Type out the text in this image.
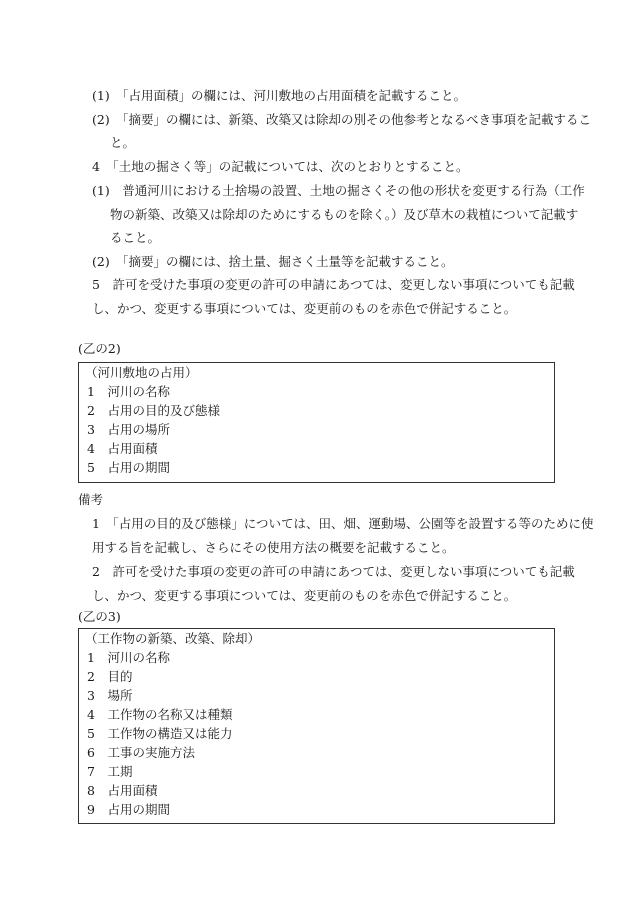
(1)　「占用面積」の欄には、河川敷地の占用面積を記載すること。
(2)　「摘要」の欄には、新築、改築又は除却の別その他参考となるべき事項を記載するこ
と。
4　「土地の掘さく等」の記載については、次のとおりとすること。
(1)　普通河川における土捨場の設置、土地の掘さくその他の形状を変更する行為（工作
物の新築、改築又は除却のためにするものを除く。）及び草木の栽植について記載す
ること。
(2)　「摘要」の欄には、捨土量、掘さく土量等を記載すること。
5　許可を受けた事項の変更の許可の申請にあつては、変更しない事項についても記載
し、かつ、変更する事項については、変更前のものを赤色で併記すること。
(乙の2)
（河川敷地の占用）
1　河川の名称
2　占用の目的及び態様
3　占用の場所
4　占用面積
5　占用の期間
備考
1　「占用の目的及び態様」については、田、畑、運動場、公園等を設置する等のために使
用する旨を記載し、さらにその使用方法の概要を記載すること。
2　許可を受けた事項の変更の許可の申請にあつては、変更しない事項についても記載
し、かつ、変更する事項については、変更前のものを赤色で併記すること。
(乙の3)
（工作物の新築、改築、除却）
1　河川の名称
2　目的
3　場所
4　工作物の名称又は種類
5　工作物の構造又は能力
6　工事の実施方法
7　工期
8　占用面積
9　占用の期間
